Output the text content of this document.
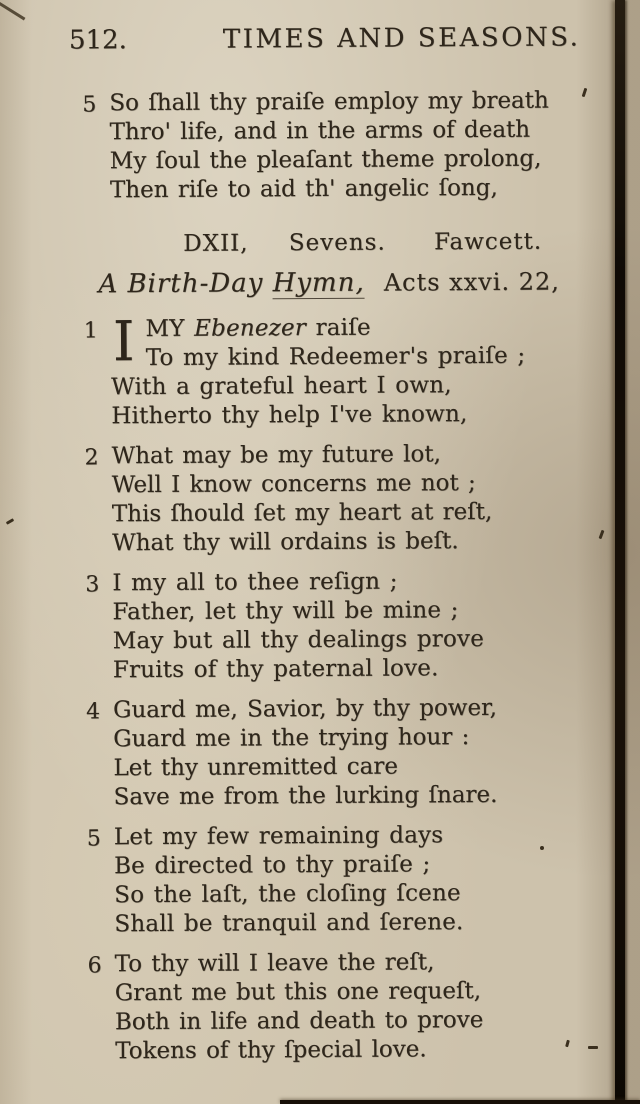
512.	TIMES AND SEASONS.
5 So ſhall thy praiſe employ my breath
Thro' life, and in the arms of death
My ſoul the pleaſant theme prolong,
Then riſe to aid th' angelic ſong,
DXII, Sevens. Fawcett.
A Birth-Day Hymn, Acts xxvi. 22,
1 I MY Ebenezer raiſe
To my kind Redeemer's praiſe ;
With a grateful heart I own,
Hitherto thy help I've known,
2 What may be my future lot,
Well I know concerns me not ;
This ſhould ſet my heart at reſt,
What thy will ordains is beſt.
3 I my all to thee reſign ;
Father, let thy will be mine ;
May but all thy dealings prove
Fruits of thy paternal love.
4 Guard me, Savior, by thy power,
Guard me in the trying hour :
Let thy unremitted care
Save me from the lurking ſnare.
5 Let my few remaining days
Be directed to thy praiſe ;
So the laſt, the cloſing ſcene
Shall be tranquil and ſerene.
6 To thy will I leave the reſt,
Grant me but this one requeſt,
Both in life and death to prove
Tokens of thy ſpecial love.
